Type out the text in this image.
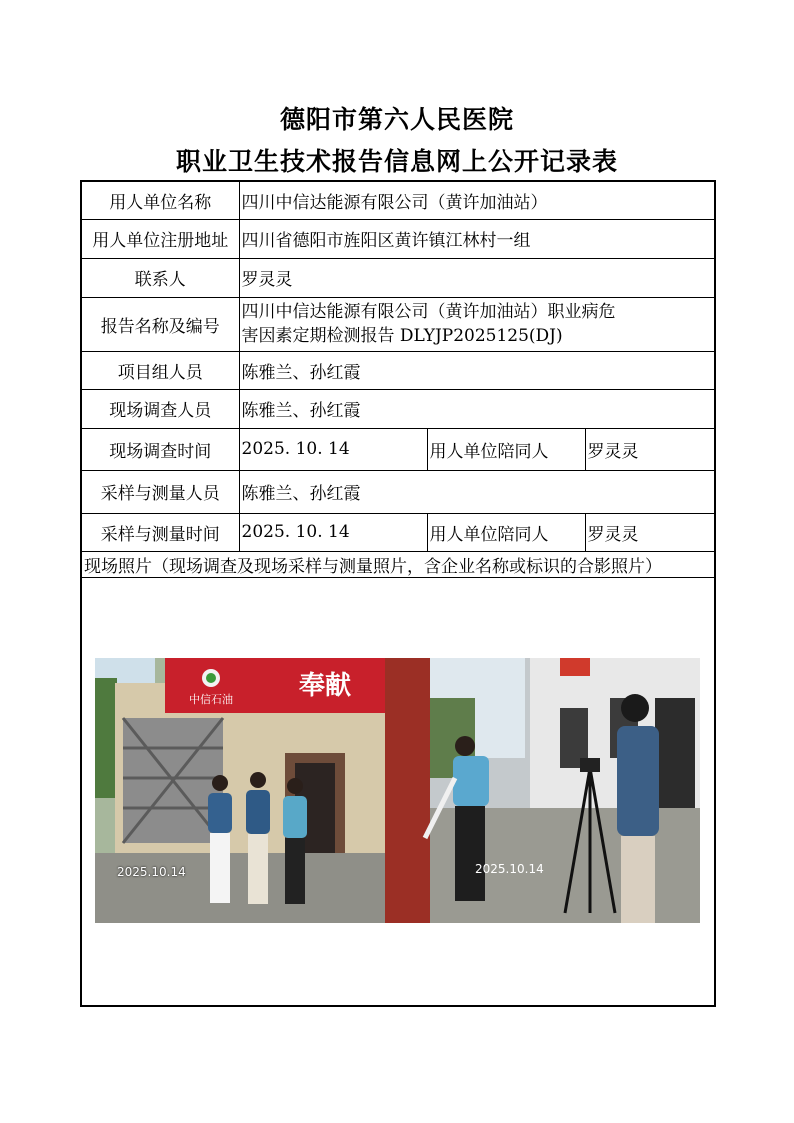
德阳市第六人民医院
职业卫生技术报告信息网上公开记录表
用人单位名称	四川中信达能源有限公司（黄许加油站）		
用人单位注册地址	四川省德阳市旌阳区黄许镇江林村一组		
联系人	罗灵灵		
报告名称及编号	四川中信达能源有限公司（黄许加油站）职业病危
害因素定期检测报告 DLYJP2025125(DJ)		

项目组人员	陈雅兰、孙红霞		
现场调查人员	陈雅兰、孙红霞		
现场调查时间	2025. 10. 14	用人单位陪同人	罗灵灵
采样与测量人员	陈雅兰、孙红霞		
采样与测量时间	2025. 10. 14	用人单位陪同人	罗灵灵
现场照片（现场调查及现场采样与测量照片，含企业名称或标识的合影照片）			

中信石油 奉献
2025.10.14 2025.10.14			
